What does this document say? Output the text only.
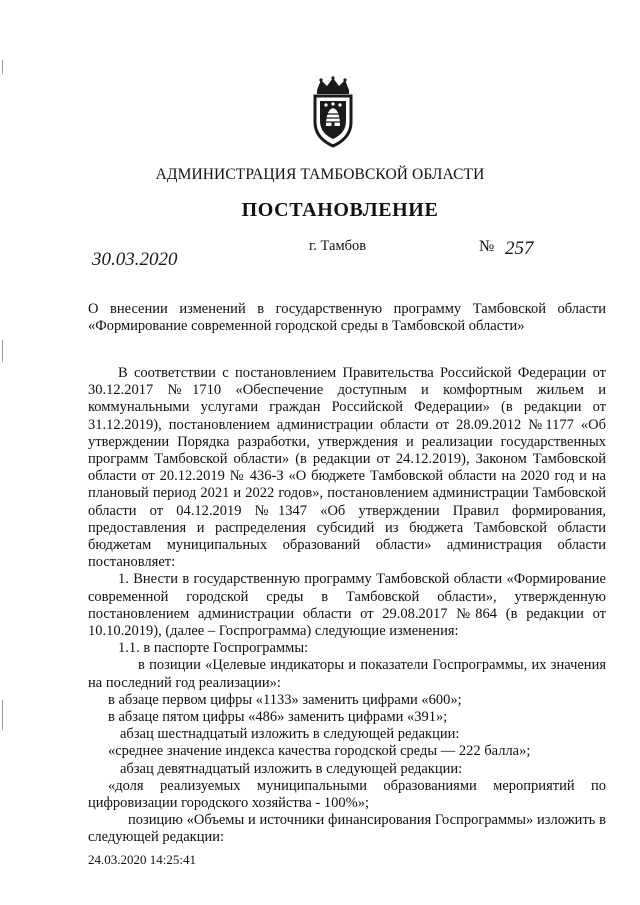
АДМИНИСТРАЦИЯ ТАМБОВСКОЙ ОБЛАСТИ
ПОСТАНОВЛЕНИЕ
30.03.2020
г. Тамбов	№ 257
О внесении изменений в государственную программу Тамбовской области «Формирование современной городской среды в Тамбовской области»

В соответствии с постановлением Правительства Российской Федерации от 30.12.2017 №1710 «Обеспечение доступным и комфортным жильем и коммунальными услугами граждан Российской Федерации» (в редакции от 31.12.2019), постановлением администрации области от 28.09.2012 №1177 «Об утверждении Порядка разработки, утверждения и реализации государственных программ Тамбовской области» (в редакции от 24.12.2019), Законом Тамбовской области от 20.12.2019 № 436-З «О бюджете Тамбовской области на 2020 год и на плановый период 2021 и 2022 годов», постановлением администрации Тамбовской области от 04.12.2019 №1347 «Об утверждении Правил формирования, предоставления и распределения субсидий из бюджета Тамбовской области бюджетам муниципальных образований области» администрация области постановляет:

1. Внести в государственную программу Тамбовской области «Формирование современной городской среды в Тамбовской области», утвержденную постановлением администрации области от 29.08.2017 №864 (в редакции от 10.10.2019), (далее – Госпрограмма) следующие изменения:

1.1. в паспорте Госпрограммы:

в позиции «Целевые индикаторы и показатели Госпрограммы, их значения на последний год реализации»:

в абзаце первом цифры «1133» заменить цифрами «600»;

в абзаце пятом цифры «486» заменить цифрами «391»;

абзац шестнадцатый изложить в следующей редакции:

«среднее значение индекса качества городской среды — 222 балла»;

абзац девятнадцатый изложить в следующей редакции:

«доля реализуемых муниципальными образованиями мероприятий по цифровизации городского хозяйства - 100%»;

позицию «Объемы и источники финансирования Госпрограммы» изложить в следующей редакции:

24.03.2020 14:25:41
